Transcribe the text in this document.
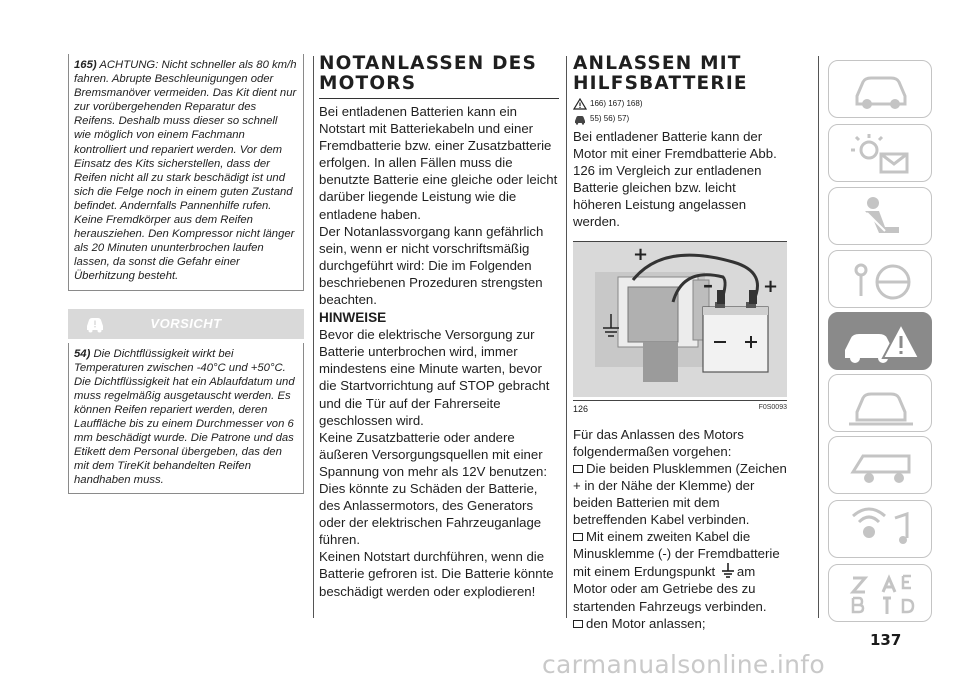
165) ACHTUNG: Nicht schneller als 80 km/h fahren. Abrupte Beschleunigungen oder Bremsmanöver vermeiden. Das Kit dient nur zur vorübergehenden Reparatur des Reifens. Deshalb muss dieser so schnell wie möglich von einem Fachmann kontrolliert und repariert werden. Vor dem Einsatz des Kits sicherstellen, dass der Reifen nicht all zu stark beschädigt ist und sich die Felge noch in einem guten Zustand befindet. Andernfalls Pannenhilfe rufen. Keine Fremdkörper aus dem Reifen herausziehen. Den Kompressor nicht länger als 20 Minuten ununterbrochen laufen lassen, da sonst die Gefahr einer Überhitzung besteht.
VORSICHT
54) Die Dichtflüssigkeit wirkt bei Temperaturen zwischen -40°C und +50°C. Die Dichtflüssigkeit hat ein Ablaufdatum und muss regelmäßig ausgetauscht werden. Es können Reifen repariert werden, deren Lauffläche bis zu einem Durchmesser von 6 mm beschädigt wurde. Die Patrone und das Etikett dem Personal übergeben, das den mit dem TireKit behandelten Reifen handhaben muss.
NOTANLASSEN DES
MOTORS

Bei entladenen Batterien kann ein Notstart mit Batteriekabeln und einer Fremdbatterie bzw. einer Zusatzbatterie erfolgen. In allen Fällen muss die benutzte Batterie eine gleiche oder leicht darüber liegende Leistung wie die entladene haben.

Der Notanlassvorgang kann gefährlich sein, wenn er nicht vorschriftsmäßig durchgeführt wird: Die im Folgenden beschriebenen Prozeduren strengsten beachten.

HINWEISE

Bevor die elektrische Versorgung zur Batterie unterbrochen wird, immer mindestens eine Minute warten, bevor die Startvorrichtung auf STOP gebracht und die Tür auf der Fahrerseite geschlossen wird.

Keine Zusatzbatterie oder andere äußeren Versorgungsquellen mit einer Spannung von mehr als 12V benutzen: Dies könnte zu Schäden der Batterie, des Anlassermotors, des Generators oder der elektrischen Fahrzeuganlage führen.

Keinen Notstart durchführen, wenn die Batterie gefroren ist. Die Batterie könnte beschädigt werden oder explodieren!

ANLASSEN MIT
HILFSBATTERIE
166) 167) 168)
55) 56) 57)
Bei entladener Batterie kann der Motor mit einer Fremdbatterie Abb. 126 im Vergleich zur entladenen Batterie gleichen bzw. leicht höheren Leistung angelassen werden.
+
–	+
126	F0S0093

Für das Anlassen des Motors folgendermaßen vorgehen:

Die beiden Plusklemmen (Zeichen + in der Nähe der Klemme) der beiden Batterien mit dem betreffenden Kabel verbinden.

Mit einem zweiten Kabel die Minusklemme (-) der Fremdbatterie mit einem Erdungspunkt am Motor oder am Getriebe des zu startenden Fahrzeugs verbinden.

den Motor anlassen;

137
carmanualsonline.info
